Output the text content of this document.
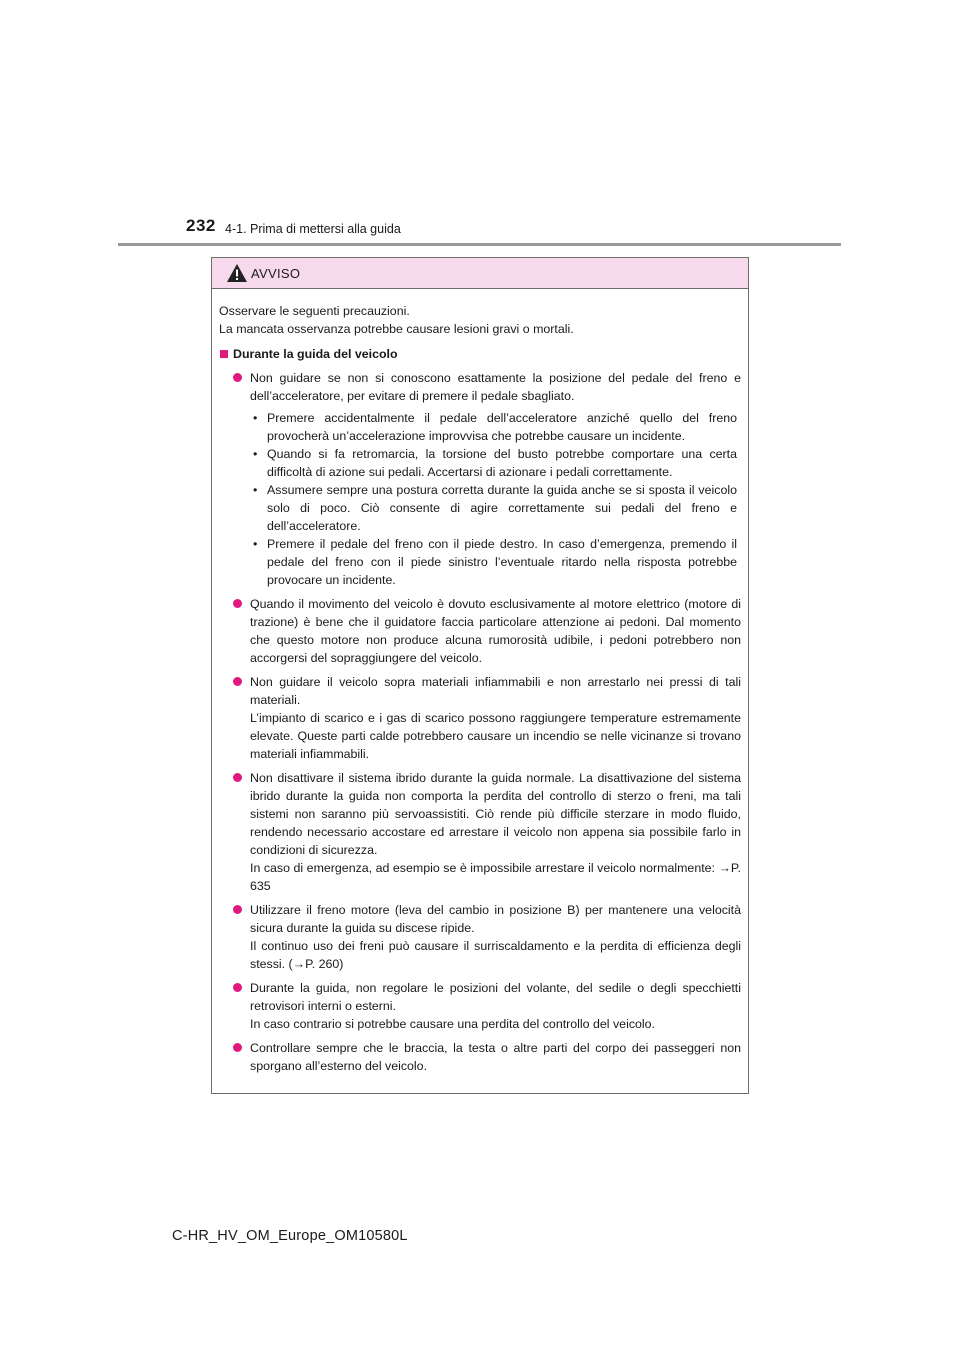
232 4-1. Prima di mettersi alla guida
AVVISO
Osservare le seguenti precauzioni.
La mancata osservanza potrebbe causare lesioni gravi o mortali.
Durante la guida del veicolo

Non guidare se non si conoscono esattamente la posizione del pedale del freno e dell’acceleratore, per evitare di premere il pedale sbagliato.

• Premere accidentalmente il pedale dell’acceleratore anziché quello del freno provocherà un’accelerazione improvvisa che potrebbe causare un incidente.
• Quando si fa retromarcia, la torsione del busto potrebbe comportare una certa difficoltà di azione sui pedali. Accertarsi di azionare i pedali correttamente.
• Assumere sempre una postura corretta durante la guida anche se si sposta il veicolo solo di poco. Ciò consente di agire correttamente sui pedali del freno e dell’acceleratore.
• Premere il pedale del freno con il piede destro. In caso d’emergenza, premendo il pedale del freno con il piede sinistro l’eventuale ritardo nella risposta potrebbe provocare un incidente.

Quando il movimento del veicolo è dovuto esclusivamente al motore elettrico (motore di trazione) è bene che il guidatore faccia particolare attenzione ai pedoni. Dal momento che questo motore non produce alcuna rumorosità udibile, i pedoni potrebbero non accorgersi del sopraggiungere del veicolo.

Non guidare il veicolo sopra materiali infiammabili e non arrestarlo nei pressi di tali materiali.

L’impianto di scarico e i gas di scarico possono raggiungere temperature estremamente elevate. Queste parti calde potrebbero causare un incendio se nelle vicinanze si trovano materiali infiammabili.

Non disattivare il sistema ibrido durante la guida normale. La disattivazione del sistema ibrido durante la guida non comporta la perdita del controllo di sterzo o freni, ma tali sistemi non saranno più servoassistiti. Ciò rende più difficile sterzare in modo fluido, rendendo necessario accostare ed arrestare il veicolo non appena sia possibile farlo in condizioni di sicurezza.

In caso di emergenza, ad esempio se è impossibile arrestare il veicolo normalmente: →P. 635

Utilizzare il freno motore (leva del cambio in posizione B) per mantenere una velocità sicura durante la guida su discese ripide.

Il continuo uso dei freni può causare il surriscaldamento e la perdita di efficienza degli stessi. (→P. 260)

Durante la guida, non regolare le posizioni del volante, del sedile o degli specchietti retrovisori interni o esterni.

In caso contrario si potrebbe causare una perdita del controllo del veicolo.

Controllare sempre che le braccia, la testa o altre parti del corpo dei passeggeri non sporgano all’esterno del veicolo.

C-HR_HV_OM_Europe_OM10580L
